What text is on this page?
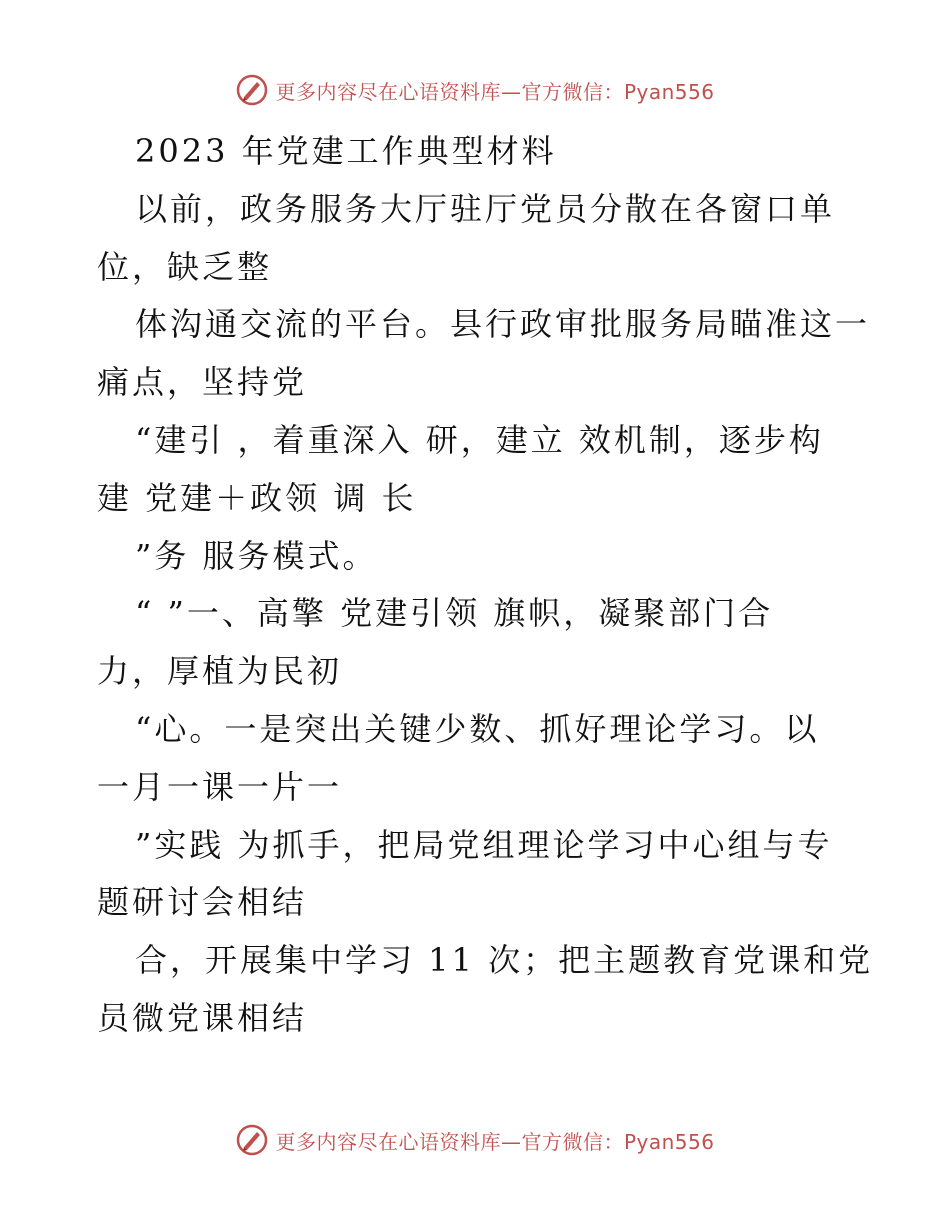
更多内容尽在心语资料库—官方微信：Pyan556
2023 年党建工作典型材料
以前，政务服务大厅驻厅党员分散在各窗口单
位，缺乏整
体沟通交流的平台。县行政审批服务局瞄准这一
痛点，坚持党
“建引 ，着重深入 研，建立 效机制，逐步构
建 党建＋政领 调 长
”务 服务模式。
“ ”一、高擎 党建引领 旗帜，凝聚部门合
力，厚植为民初
“心。一是突出关键少数、抓好理论学习。以
一月一课一片一
”实践 为抓手，把局党组理论学习中心组与专
题研讨会相结
合，开展集中学习 11 次；把主题教育党课和党
员微党课相结
更多内容尽在心语资料库—官方微信：Pyan556
